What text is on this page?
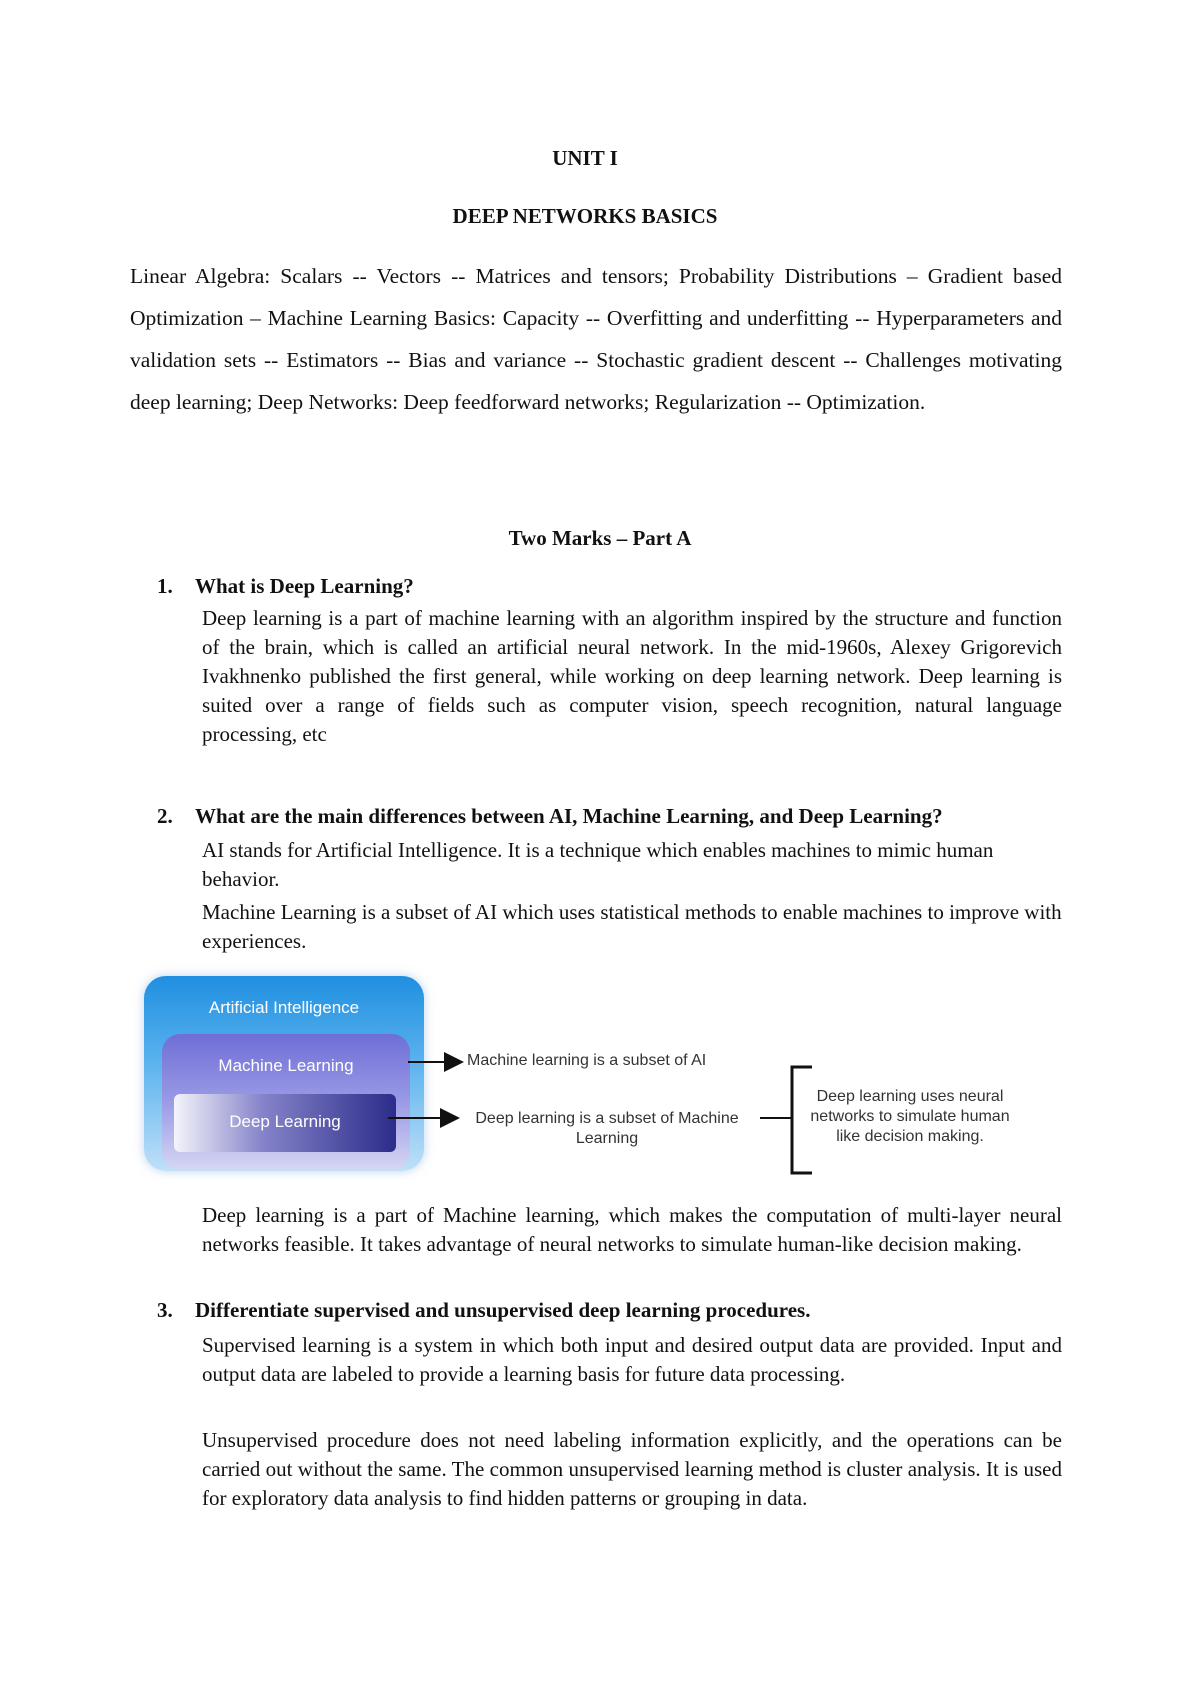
UNIT I
DEEP NETWORKS BASICS

Linear Algebra: Scalars -- Vectors -- Matrices and tensors; Probability Distributions – Gradient based Optimization – Machine Learning Basics: Capacity -- Overfitting and underfitting -- Hyperparameters and validation sets -- Estimators -- Bias and variance -- Stochastic gradient descent -- Challenges motivating deep learning; Deep Networks: Deep feedforward networks; Regularization -- Optimization.

Two Marks – Part A
1. What is Deep Learning?

Deep learning is a part of machine learning with an algorithm inspired by the structure and function of the brain, which is called an artificial neural network. In the mid-1960s, Alexey Grigorevich Ivakhnenko published the first general, while working on deep learning network. Deep learning is suited over a range of fields such as computer vision, speech recognition, natural language processing, etc

2. What are the main differences between AI, Machine Learning, and Deep Learning?

AI stands for Artificial Intelligence. It is a technique which enables machines to mimic human behavior.

Machine Learning is a subset of AI which uses statistical methods to enable machines to improve with experiences.

Artificial Intelligence
Machine Learning
Deep Learning
Machine learning is a subset of AI
Deep learning is a subset of Machine Learning
Deep learning uses neural networks to simulate human like decision making.

Deep learning is a part of Machine learning, which makes the computation of multi-layer neural networks feasible. It takes advantage of neural networks to simulate human-like decision making.

3. Differentiate supervised and unsupervised deep learning procedures.

Supervised learning is a system in which both input and desired output data are provided. Input and output data are labeled to provide a learning basis for future data processing.

Unsupervised procedure does not need labeling information explicitly, and the operations can be carried out without the same. The common unsupervised learning method is cluster analysis. It is used for exploratory data analysis to find hidden patterns or grouping in data.
